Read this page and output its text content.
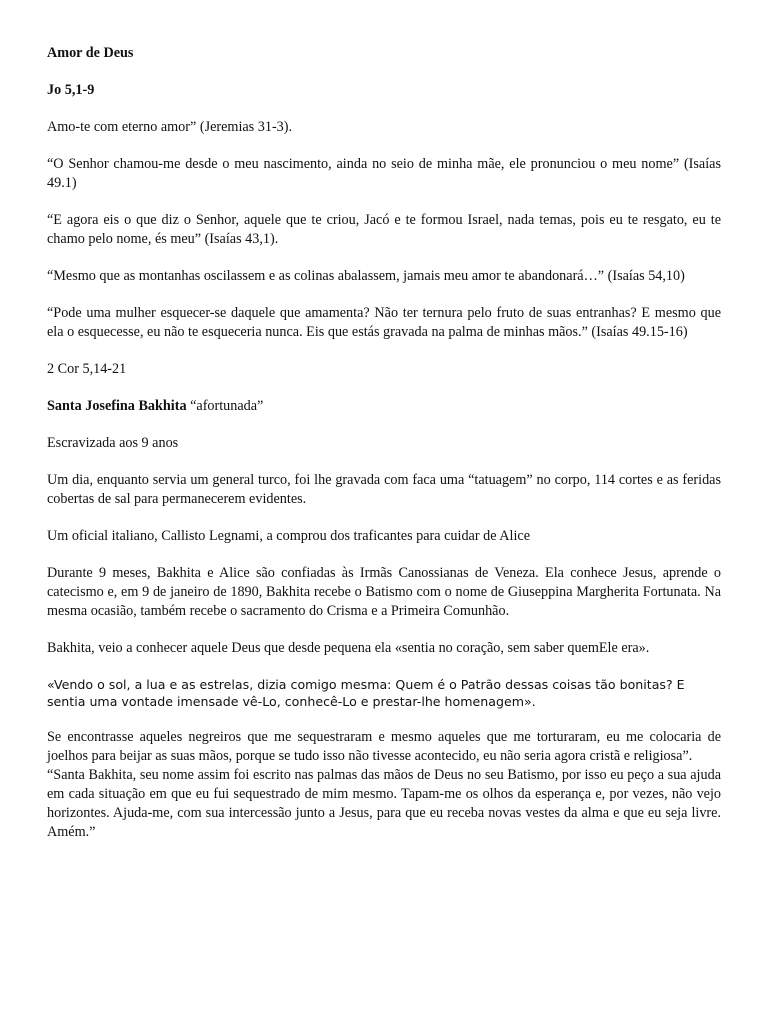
Amor de Deus

Jo 5,1-9

Amo-te com eterno amor” (Jeremias 31-3).

“O Senhor chamou-me desde o meu nascimento, ainda no seio de minha mãe, ele pronunciou o meu nome” (Isaías 49.1)

“E agora eis o que diz o Senhor, aquele que te criou, Jacó e te formou Israel, nada temas, pois eu te resgato, eu te chamo pelo nome, és meu” (Isaías 43,1).

“Mesmo que as montanhas oscilassem e as colinas abalassem, jamais meu amor te abandonará…” (Isaías 54,10)

“Pode uma mulher esquecer-se daquele que amamenta? Não ter ternura pelo fruto de suas entranhas? E mesmo que ela o esquecesse, eu não te esqueceria nunca. Eis que estás gravada na palma de minhas mãos.” (Isaías 49.15-16)

2 Cor 5,14-21

Santa Josefina Bakhita “afortunada”

Escravizada aos 9 anos

Um dia, enquanto servia um general turco, foi lhe gravada com faca uma “tatuagem” no corpo, 114 cortes e as feridas cobertas de sal para permanecerem evidentes.

Um oficial italiano, Callisto Legnami, a comprou dos traficantes para cuidar de Alice

Durante 9 meses, Bakhita e Alice são confiadas às Irmãs Canossianas de Veneza. Ela conhece Jesus, aprende o catecismo e, em 9 de janeiro de 1890, Bakhita recebe o Batismo com o nome de Giuseppina Margherita Fortunata. Na mesma ocasião, também recebe o sacramento do Crisma e a Primeira Comunhão.

Bakhita, veio a conhecer aquele Deus que desde pequena ela «sentia no coração, sem saber quemEle era».

«Vendo o sol, a lua e as estrelas, dizia comigo mesma: Quem é o Patrão dessas coisas tão bonitas? E sentia uma vontade imensade vê-Lo, conhecê-Lo e prestar-lhe homenagem».

Se encontrasse aqueles negreiros que me sequestraram e mesmo aqueles que me torturaram, eu me colocaria de joelhos para beijar as suas mãos, porque se tudo isso não tivesse acontecido, eu não seria agora cristã e religiosa”.

“Santa Bakhita, seu nome assim foi escrito nas palmas das mãos de Deus no seu Batismo, por isso eu peço a sua ajuda em cada situação em que eu fui sequestrado de mim mesmo. Tapam-me os olhos da esperança e, por vezes, não vejo horizontes. Ajuda-me, com sua intercessão junto a Jesus, para que eu receba novas vestes da alma e que eu seja livre. Amém.”
